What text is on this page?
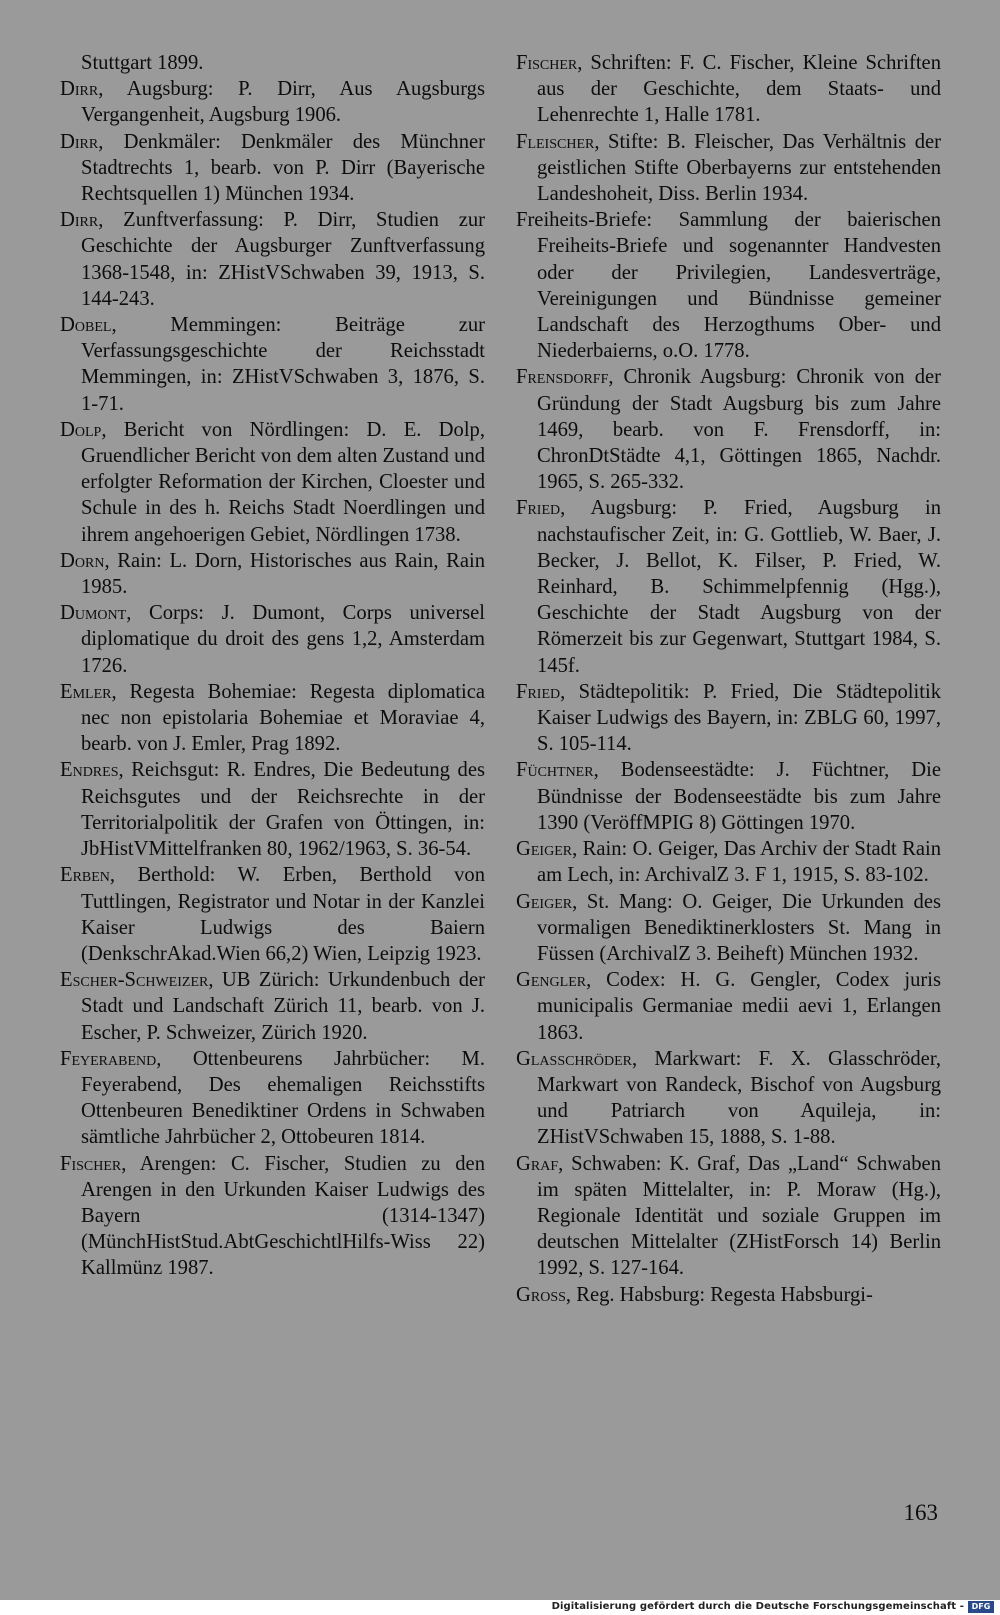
Stuttgart 1899.
Dirr, Augsburg: P. Dirr, Aus Augsburgs Vergangenheit, Augsburg 1906.
Dirr, Denkmäler: Denkmäler des Münchner Stadtrechts 1, bearb. von P. Dirr (Bayerische Rechtsquellen 1) München 1934.
Dirr, Zunftverfassung: P. Dirr, Studien zur Geschichte der Augsburger Zunftverfassung 1368-1548, in: ZHistVSchwaben 39, 1913, S. 144-243.
Dobel, Memmingen: Beiträge zur Verfassungsgeschichte der Reichsstadt Memmingen, in: ZHistVSchwaben 3, 1876, S. 1-71.
Dolp, Bericht von Nördlingen: D. E. Dolp, Gruendlicher Bericht von dem alten Zustand und erfolgter Reformation der Kirchen, Cloester und Schule in des h. Reichs Stadt Noerdlingen und ihrem angehoerigen Gebiet, Nördlingen 1738.
Dorn, Rain: L. Dorn, Historisches aus Rain, Rain 1985.
Dumont, Corps: J. Dumont, Corps universel diplomatique du droit des gens 1,2, Amsterdam 1726.
Emler, Regesta Bohemiae: Regesta diplomatica nec non epistolaria Bohemiae et Moraviae 4, bearb. von J. Emler, Prag 1892.
Endres, Reichsgut: R. Endres, Die Bedeutung des Reichsgutes und der Reichsrechte in der Territorialpolitik der Grafen von Öttingen, in: JbHistVMittelfranken 80, 1962/1963, S. 36-54.
Erben, Berthold: W. Erben, Berthold von Tuttlingen, Registrator und Notar in der Kanzlei Kaiser Ludwigs des Baiern (DenkschrAkad.Wien 66,2) Wien, Leipzig 1923.
Escher-Schweizer, UB Zürich: Urkundenbuch der Stadt und Landschaft Zürich 11, bearb. von J. Escher, P. Schweizer, Zürich 1920.
Feyerabend, Ottenbeurens Jahrbücher: M. Feyerabend, Des ehemaligen Reichsstifts Ottenbeuren Benediktiner Ordens in Schwaben sämtliche Jahrbücher 2, Ottobeuren 1814.
Fischer, Arengen: C. Fischer, Studien zu den Arengen in den Urkunden Kaiser Ludwigs des Bayern (1314-1347) (MünchHistStud.AbtGeschichtlHilfs-Wiss 22) Kallmünz 1987.
Fischer, Schriften: F. C. Fischer, Kleine Schriften aus der Geschichte, dem Staats- und Lehenrechte 1, Halle 1781.
Fleischer, Stifte: B. Fleischer, Das Verhältnis der geistlichen Stifte Oberbayerns zur entstehenden Landeshoheit, Diss. Berlin 1934.
Freiheits-Briefe: Sammlung der baierischen Freiheits-Briefe und sogenannter Handvesten oder der Privilegien, Landesverträge, Vereinigungen und Bündnisse gemeiner Landschaft des Herzogthums Ober- und Niederbaierns, o.O. 1778.
Frensdorff, Chronik Augsburg: Chronik von der Gründung der Stadt Augsburg bis zum Jahre 1469, bearb. von F. Frensdorff, in: ChronDtStädte 4,1, Göttingen 1865, Nachdr. 1965, S. 265-332.
Fried, Augsburg: P. Fried, Augsburg in nachstaufischer Zeit, in: G. Gottlieb, W. Baer, J. Becker, J. Bellot, K. Filser, P. Fried, W. Reinhard, B. Schimmelpfennig (Hgg.), Geschichte der Stadt Augsburg von der Römerzeit bis zur Gegenwart, Stuttgart 1984, S. 145f.
Fried, Städtepolitik: P. Fried, Die Städtepolitik Kaiser Ludwigs des Bayern, in: ZBLG 60, 1997, S. 105-114.
Füchtner, Bodenseestädte: J. Füchtner, Die Bündnisse der Bodenseestädte bis zum Jahre 1390 (VeröffMPIG 8) Göttingen 1970.
Geiger, Rain: O. Geiger, Das Archiv der Stadt Rain am Lech, in: ArchivalZ 3. F 1, 1915, S. 83-102.
Geiger, St. Mang: O. Geiger, Die Urkunden des vormaligen Benediktinerklosters St. Mang in Füssen (ArchivalZ 3. Beiheft) München 1932.
Gengler, Codex: H. G. Gengler, Codex juris municipalis Germaniae medii aevi 1, Erlangen 1863.
Glasschröder, Markwart: F. X. Glasschröder, Markwart von Randeck, Bischof von Augsburg und Patriarch von Aquileja, in: ZHistVSchwaben 15, 1888, S. 1-88.
Graf, Schwaben: K. Graf, Das „Land“ Schwaben im späten Mittelalter, in: P. Moraw (Hg.), Regionale Identität und soziale Gruppen im deutschen Mittelalter (ZHistForsch 14) Berlin 1992, S. 127-164.
Gross, Reg. Habsburg: Regesta Habsburgi-
163
Digitalisierung gefördert durch die Deutsche Forschungsgemeinschaft - DFG
